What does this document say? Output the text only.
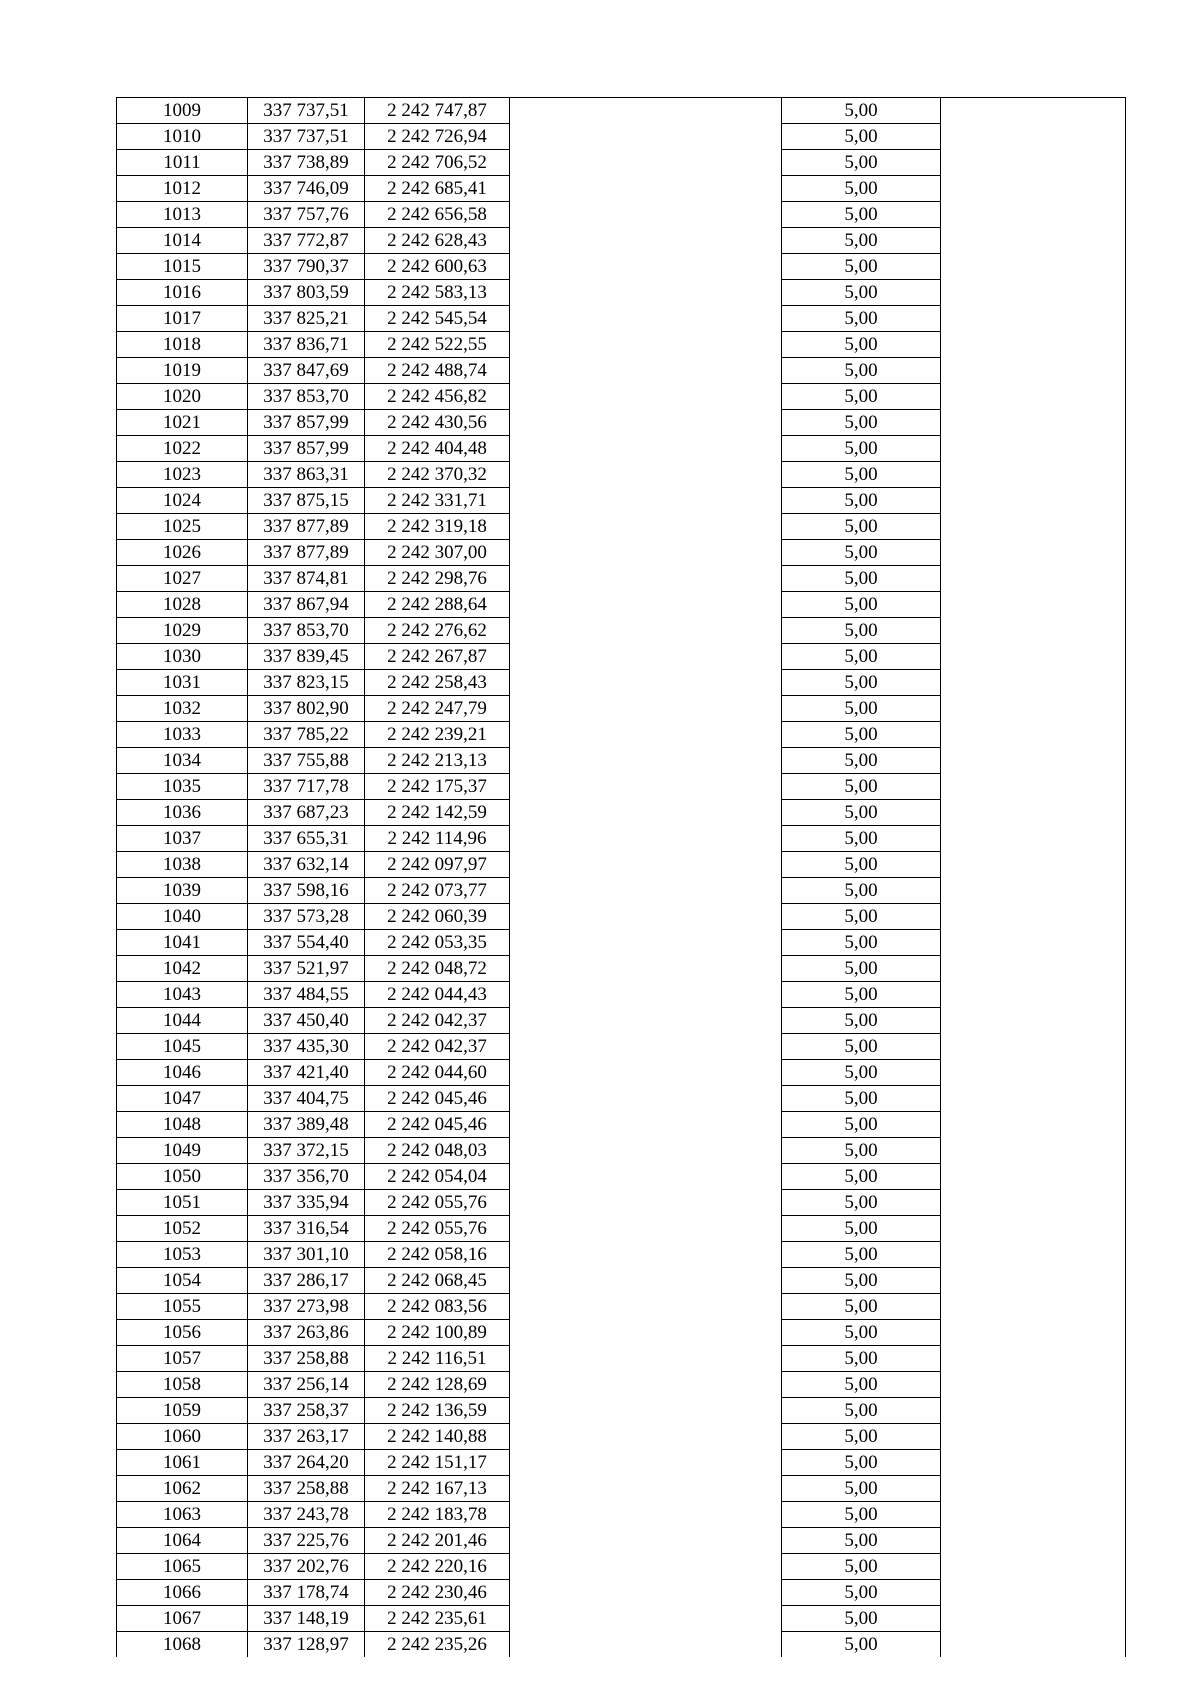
1009	337 737,51	2 242 747,87		5,00	
1010	337 737,51	2 242 726,94		5,00	
1011	337 738,89	2 242 706,52		5,00	
1012	337 746,09	2 242 685,41		5,00	
1013	337 757,76	2 242 656,58		5,00	
1014	337 772,87	2 242 628,43		5,00	
1015	337 790,37	2 242 600,63		5,00	
1016	337 803,59	2 242 583,13		5,00	
1017	337 825,21	2 242 545,54		5,00	
1018	337 836,71	2 242 522,55		5,00	
1019	337 847,69	2 242 488,74		5,00	
1020	337 853,70	2 242 456,82		5,00	
1021	337 857,99	2 242 430,56		5,00	
1022	337 857,99	2 242 404,48		5,00	
1023	337 863,31	2 242 370,32		5,00	
1024	337 875,15	2 242 331,71		5,00	
1025	337 877,89	2 242 319,18		5,00	
1026	337 877,89	2 242 307,00		5,00	
1027	337 874,81	2 242 298,76		5,00	
1028	337 867,94	2 242 288,64		5,00	
1029	337 853,70	2 242 276,62		5,00	
1030	337 839,45	2 242 267,87		5,00	
1031	337 823,15	2 242 258,43		5,00	
1032	337 802,90	2 242 247,79		5,00	
1033	337 785,22	2 242 239,21		5,00	
1034	337 755,88	2 242 213,13		5,00	
1035	337 717,78	2 242 175,37		5,00	
1036	337 687,23	2 242 142,59		5,00	
1037	337 655,31	2 242 114,96		5,00	
1038	337 632,14	2 242 097,97		5,00	
1039	337 598,16	2 242 073,77		5,00	
1040	337 573,28	2 242 060,39		5,00	
1041	337 554,40	2 242 053,35		5,00	
1042	337 521,97	2 242 048,72		5,00	
1043	337 484,55	2 242 044,43		5,00	
1044	337 450,40	2 242 042,37		5,00	
1045	337 435,30	2 242 042,37		5,00	
1046	337 421,40	2 242 044,60		5,00	
1047	337 404,75	2 242 045,46		5,00	
1048	337 389,48	2 242 045,46		5,00	
1049	337 372,15	2 242 048,03		5,00	
1050	337 356,70	2 242 054,04		5,00	
1051	337 335,94	2 242 055,76		5,00	
1052	337 316,54	2 242 055,76		5,00	
1053	337 301,10	2 242 058,16		5,00	
1054	337 286,17	2 242 068,45		5,00	
1055	337 273,98	2 242 083,56		5,00	
1056	337 263,86	2 242 100,89		5,00	
1057	337 258,88	2 242 116,51		5,00	
1058	337 256,14	2 242 128,69		5,00	
1059	337 258,37	2 242 136,59		5,00	
1060	337 263,17	2 242 140,88		5,00	
1061	337 264,20	2 242 151,17		5,00	
1062	337 258,88	2 242 167,13		5,00	
1063	337 243,78	2 242 183,78		5,00	
1064	337 225,76	2 242 201,46		5,00	
1065	337 202,76	2 242 220,16		5,00	
1066	337 178,74	2 242 230,46		5,00	
1067	337 148,19	2 242 235,61		5,00	
1068	337 128,97	2 242 235,26		5,00	
